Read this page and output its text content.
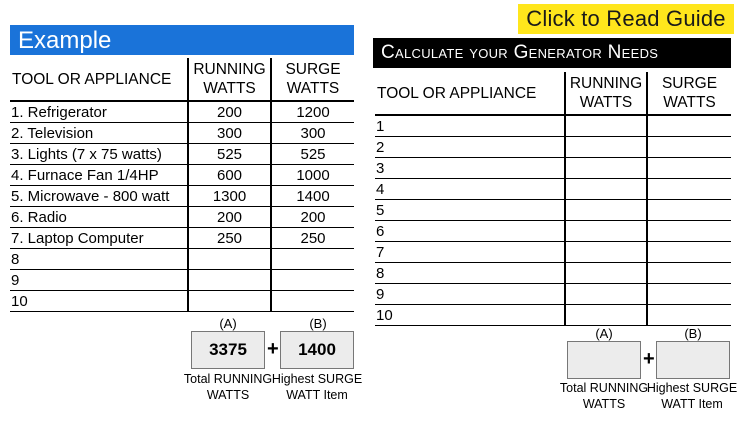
Click to Read Guide
Example
TOOL OR APPLIANCE	RUNNING WATTS	SURGE WATTS
1. Refrigerator	200	1200
2. Television	300	300
3. Lights (7 x 75 watts)	525	525
4. Furnace Fan 1/4HP	600	1000
5. Microwave - 800 watt	1300	1400
6. Radio	200	200
7. Laptop Computer	250	250
8		
9		
10		
(A)	(B)
3375	+	1400
Total RUNNING WATTS
Highest SURGE WATT Item
Calculate your Generator Needs
TOOL OR APPLIANCE	RUNNING WATTS	SURGE WATTS
1		
2		
3		
4		
5		
6		
7		
8		
9		
10		
(A)	(B)
+
Total RUNNING WATTS
Highest SURGE WATT Item
